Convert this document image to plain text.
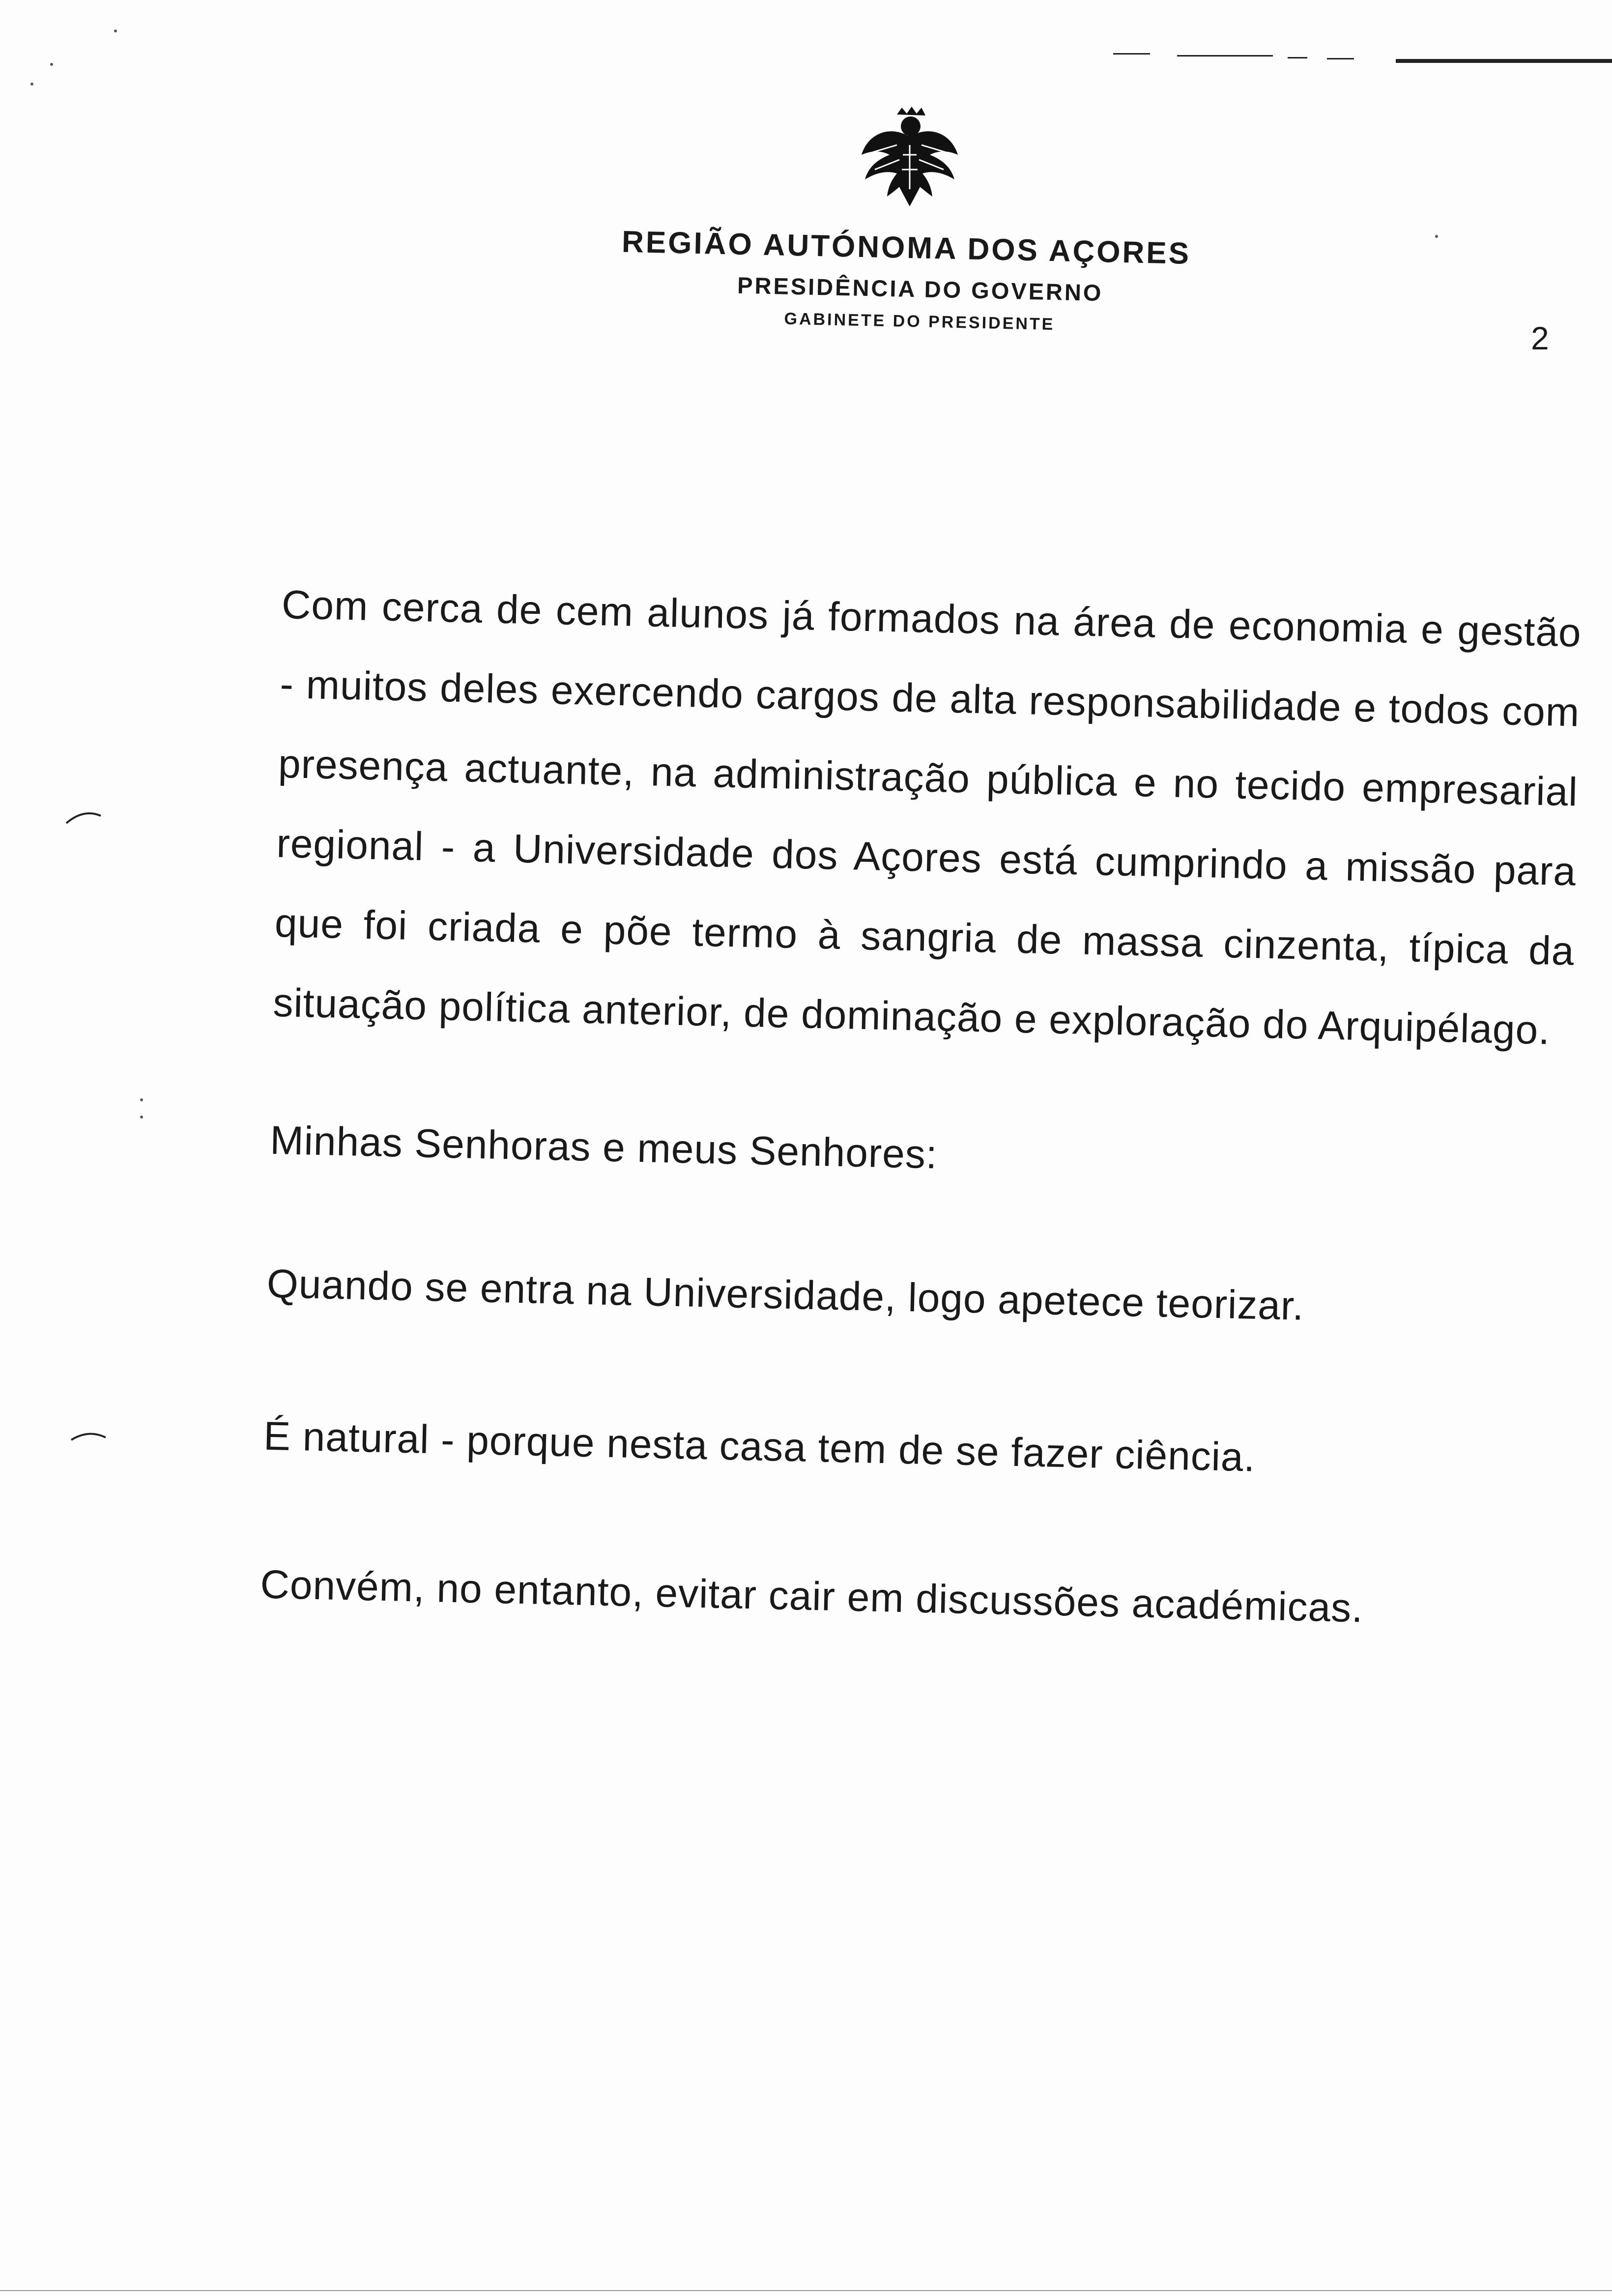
REGIÃO AUTÓNOMA DOS AÇORES
PRESIDÊNCIA DO GOVERNO
GABINETE DO PRESIDENTE	2

Com cerca de cem alunos já formados na área de economia e gestão - muitos deles exercendo cargos de alta responsabilidade e todos com presença actuante, na administração pública e no tecido empresarial regional - a Universidade dos Açores está cumprindo a missão para que foi criada e põe termo à sangria de massa cinzenta, típica da situação política anterior, de dominação e exploração do Arquipélago.

Minhas Senhoras e meus Senhores:

Quando se entra na Universidade, logo apetece teorizar.

É natural - porque nesta casa tem de se fazer ciência.

Convém, no entanto, evitar cair em discussões académicas.
